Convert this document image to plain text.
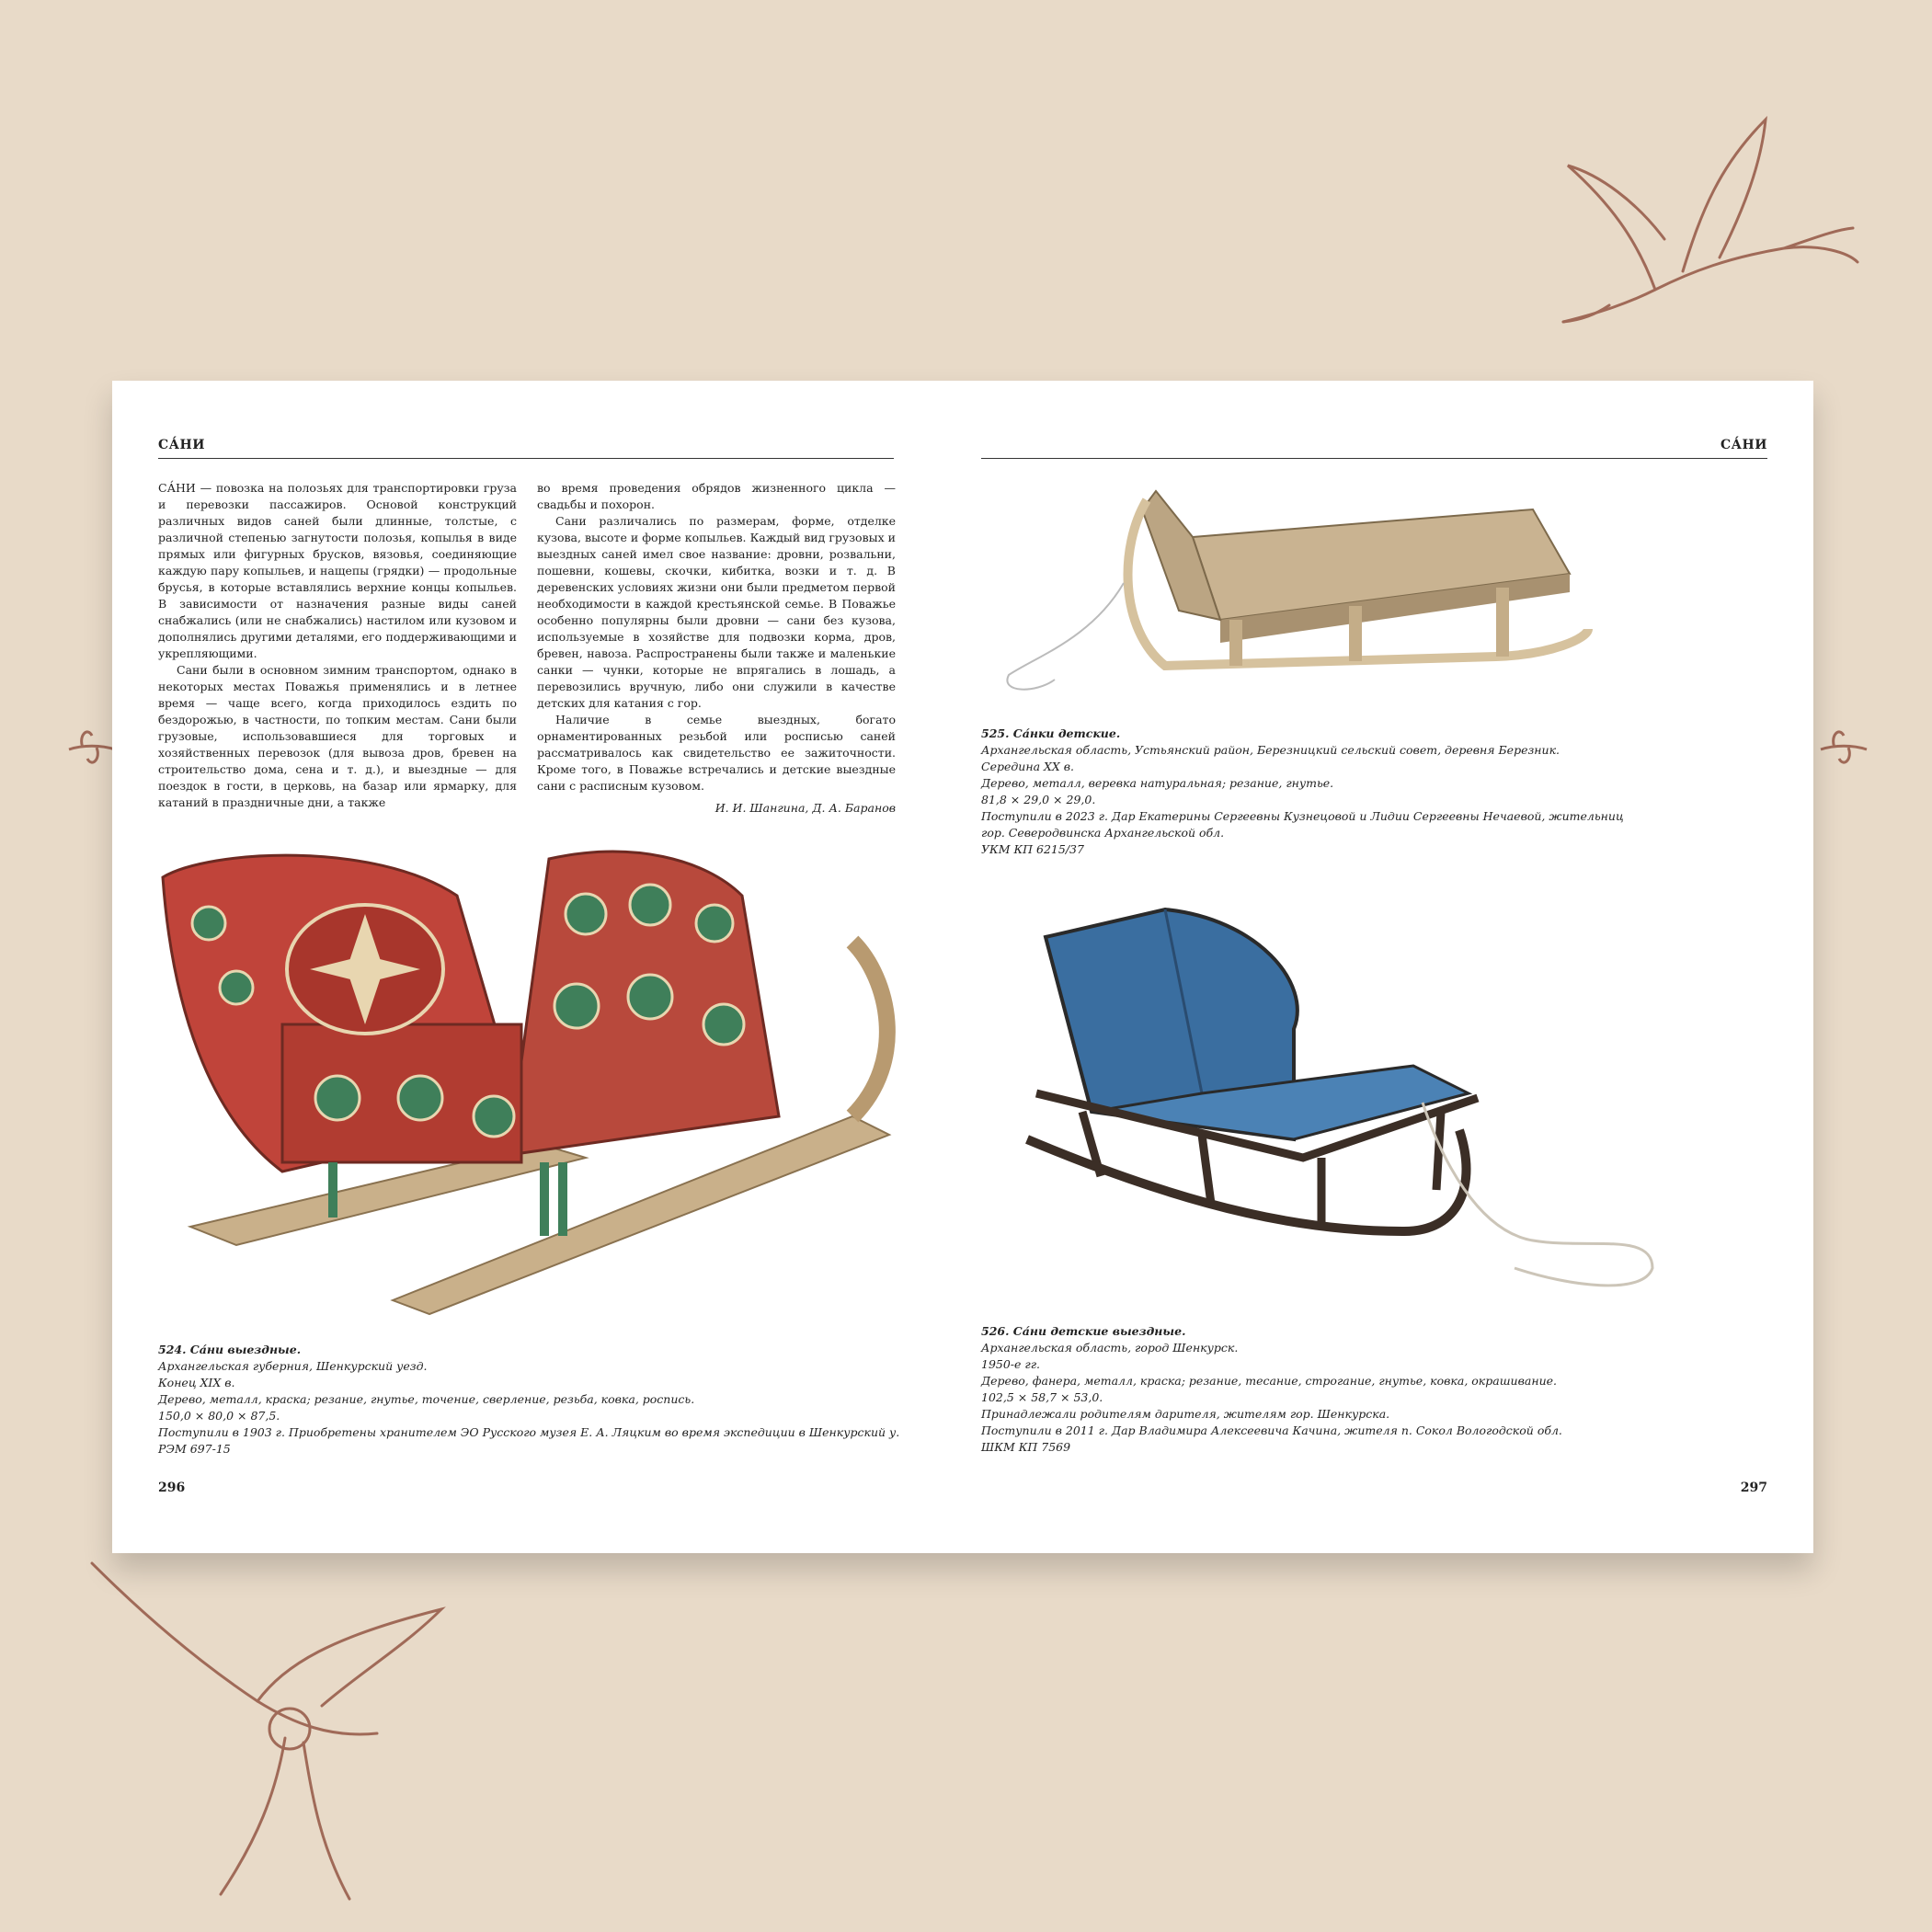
СА́НИ

СА́НИ — повозка на полозьях для транспортировки груза и перевозки пассажиров. Основой конструкций различных видов саней были длинные, толстые, с различной степенью загнутости полозья, копылья в виде прямых или фигурных брусков, вязовья, соединяющие каждую пару копыльев, и нащепы (грядки) — продольные брусья, в которые вставлялись верхние концы копыльев. В зависимости от назначения разные виды саней снабжались (или не снабжались) настилом или кузовом и дополнялись другими деталями, его поддерживающими и укрепляющими.

Сани были в основном зимним транспортом, однако в некоторых местах Поважья применялись и в летнее время — чаще всего, когда приходилось ездить по бездорожью, в частности, по топким местам. Сани были грузовые, использовавшиеся для торговых и хозяйственных перевозок (для вывоза дров, бревен на строительство дома, сена и т. д.), и выездные — для поездок в гости, в церковь, на базар или ярмарку, для катаний в праздничные дни, а также

во время проведения обрядов жизненного цикла — свадьбы и похорон.

Сани различались по размерам, форме, отделке кузова, высоте и форме копыльев. Каждый вид грузовых и выездных саней имел свое название: дровни, розвальни, пошевни, кошевы, скочки, кибитка, возки и т. д. В деревенских условиях жизни они были предметом первой необходимости в каждой крестьянской семье. В Поважье особенно популярны были дровни — сани без кузова, используемые в хозяйстве для подвозки корма, дров, бревен, навоза. Распространены были также и маленькие санки — чунки, которые не впрягались в лошадь, а перевозились вручную, либо они служили в качестве детских для катания с гор.

Наличие в семье выездных, богато орнаментированных резьбой или росписью саней рассматривалось как свидетельство ее зажиточности. Кроме того, в Поважье встречались и детские выездные сани с расписным кузовом.

И. И. Шангина, Д. А. Баранов
524. Са́ни выездные.
Архангельская губерния, Шенкурский уезд.
Конец XIX в.
Дерево, металл, краска; резание, гнутье, точение, сверление, резьба, ковка, роспись.
150,0 × 80,0 × 87,5.
Поступили в 1903 г. Приобретены хранителем ЭО Русского музея Е. А. Ляцким во время экспедиции в Шенкурский у.
РЭМ 697-15
296
СА́НИ
525. Са́нки детские.
Архангельская область, Устьянский район, Березницкий сельский совет, деревня Березник.
Середина XX в.
Дерево, металл, веревка натуральная; резание, гнутье.
81,8 × 29,0 × 29,0.
Поступили в 2023 г. Дар Екатерины Сергеевны Кузнецовой и Лидии Сергеевны Нечаевой, жительниц
гор. Северодвинска Архангельской обл.
УКМ КП 6215/37
526. Са́ни детские выездные.
Архангельская область, город Шенкурск.
1950-е гг.
Дерево, фанера, металл, краска; резание, тесание, строгание, гнутье, ковка, окрашивание.
102,5 × 58,7 × 53,0.
Принадлежали родителям дарителя, жителям гор. Шенкурска.
Поступили в 2011 г. Дар Владимира Алексеевича Качина, жителя п. Сокол Вологодской обл.
ШКМ КП 7569
297
